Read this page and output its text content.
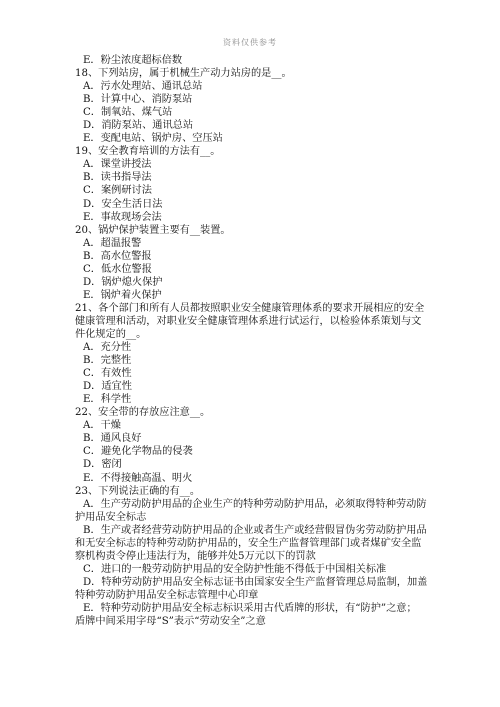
资料仅供参考
E．粉尘浓度超标倍数
18、下列站房，属于机械生产动力站房的是__。
A．污水处理站、通讯总站
B．计算中心、消防泵站
C．制氧站、煤气站
D．消防泵站、通讯总站
E．变配电站、锅炉房、空压站
19、安全教育培训的方法有__。
A．课堂讲授法
B．读书指导法
C．案例研讨法
D．安全生活日法
E．事故现场会法
20、锅炉保护装置主要有__装置。
A．超温报警
B．高水位警报
C．低水位警报
D．锅炉熄火保护
E．锅炉着火保护
21、各个部门和所有人员都按照职业安全健康管理体系的要求开展相应的安全
健康管理和活动，对职业安全健康管理体系进行试运行，以检验体系策划与文
件化规定的__。
A．充分性
B．完整性
C．有效性
D．适宜性
E．科学性
22、安全带的存放应注意__。
A．干燥
B．通风良好
C．避免化学物品的侵袭
D．密闭
E．不得接触高温、明火
23、下列说法正确的有__。
A．生产劳动防护用品的企业生产的特种劳动防护用品，必须取得特种劳动防
护用品安全标志
B．生产或者经营劳动防护用品的企业或者生产或经营假冒伪劣劳动防护用品
和无安全标志的特种劳动防护用品的，安全生产监督管理部门或者煤矿安全监
察机构责令停止违法行为，能够并处5万元以下的罚款
C．进口的一般劳动防护用品的安全防护性能不得低于中国相关标准
D．特种劳动防护用品安全标志证书由国家安全生产监督管理总局监制，加盖
特种劳动防护用品安全标志管理中心印章
E．特种劳动防护用品安全标志标识采用古代盾牌的形状，有“防护”之意；
盾牌中间采用字母“S”表示“劳动安全”之意
